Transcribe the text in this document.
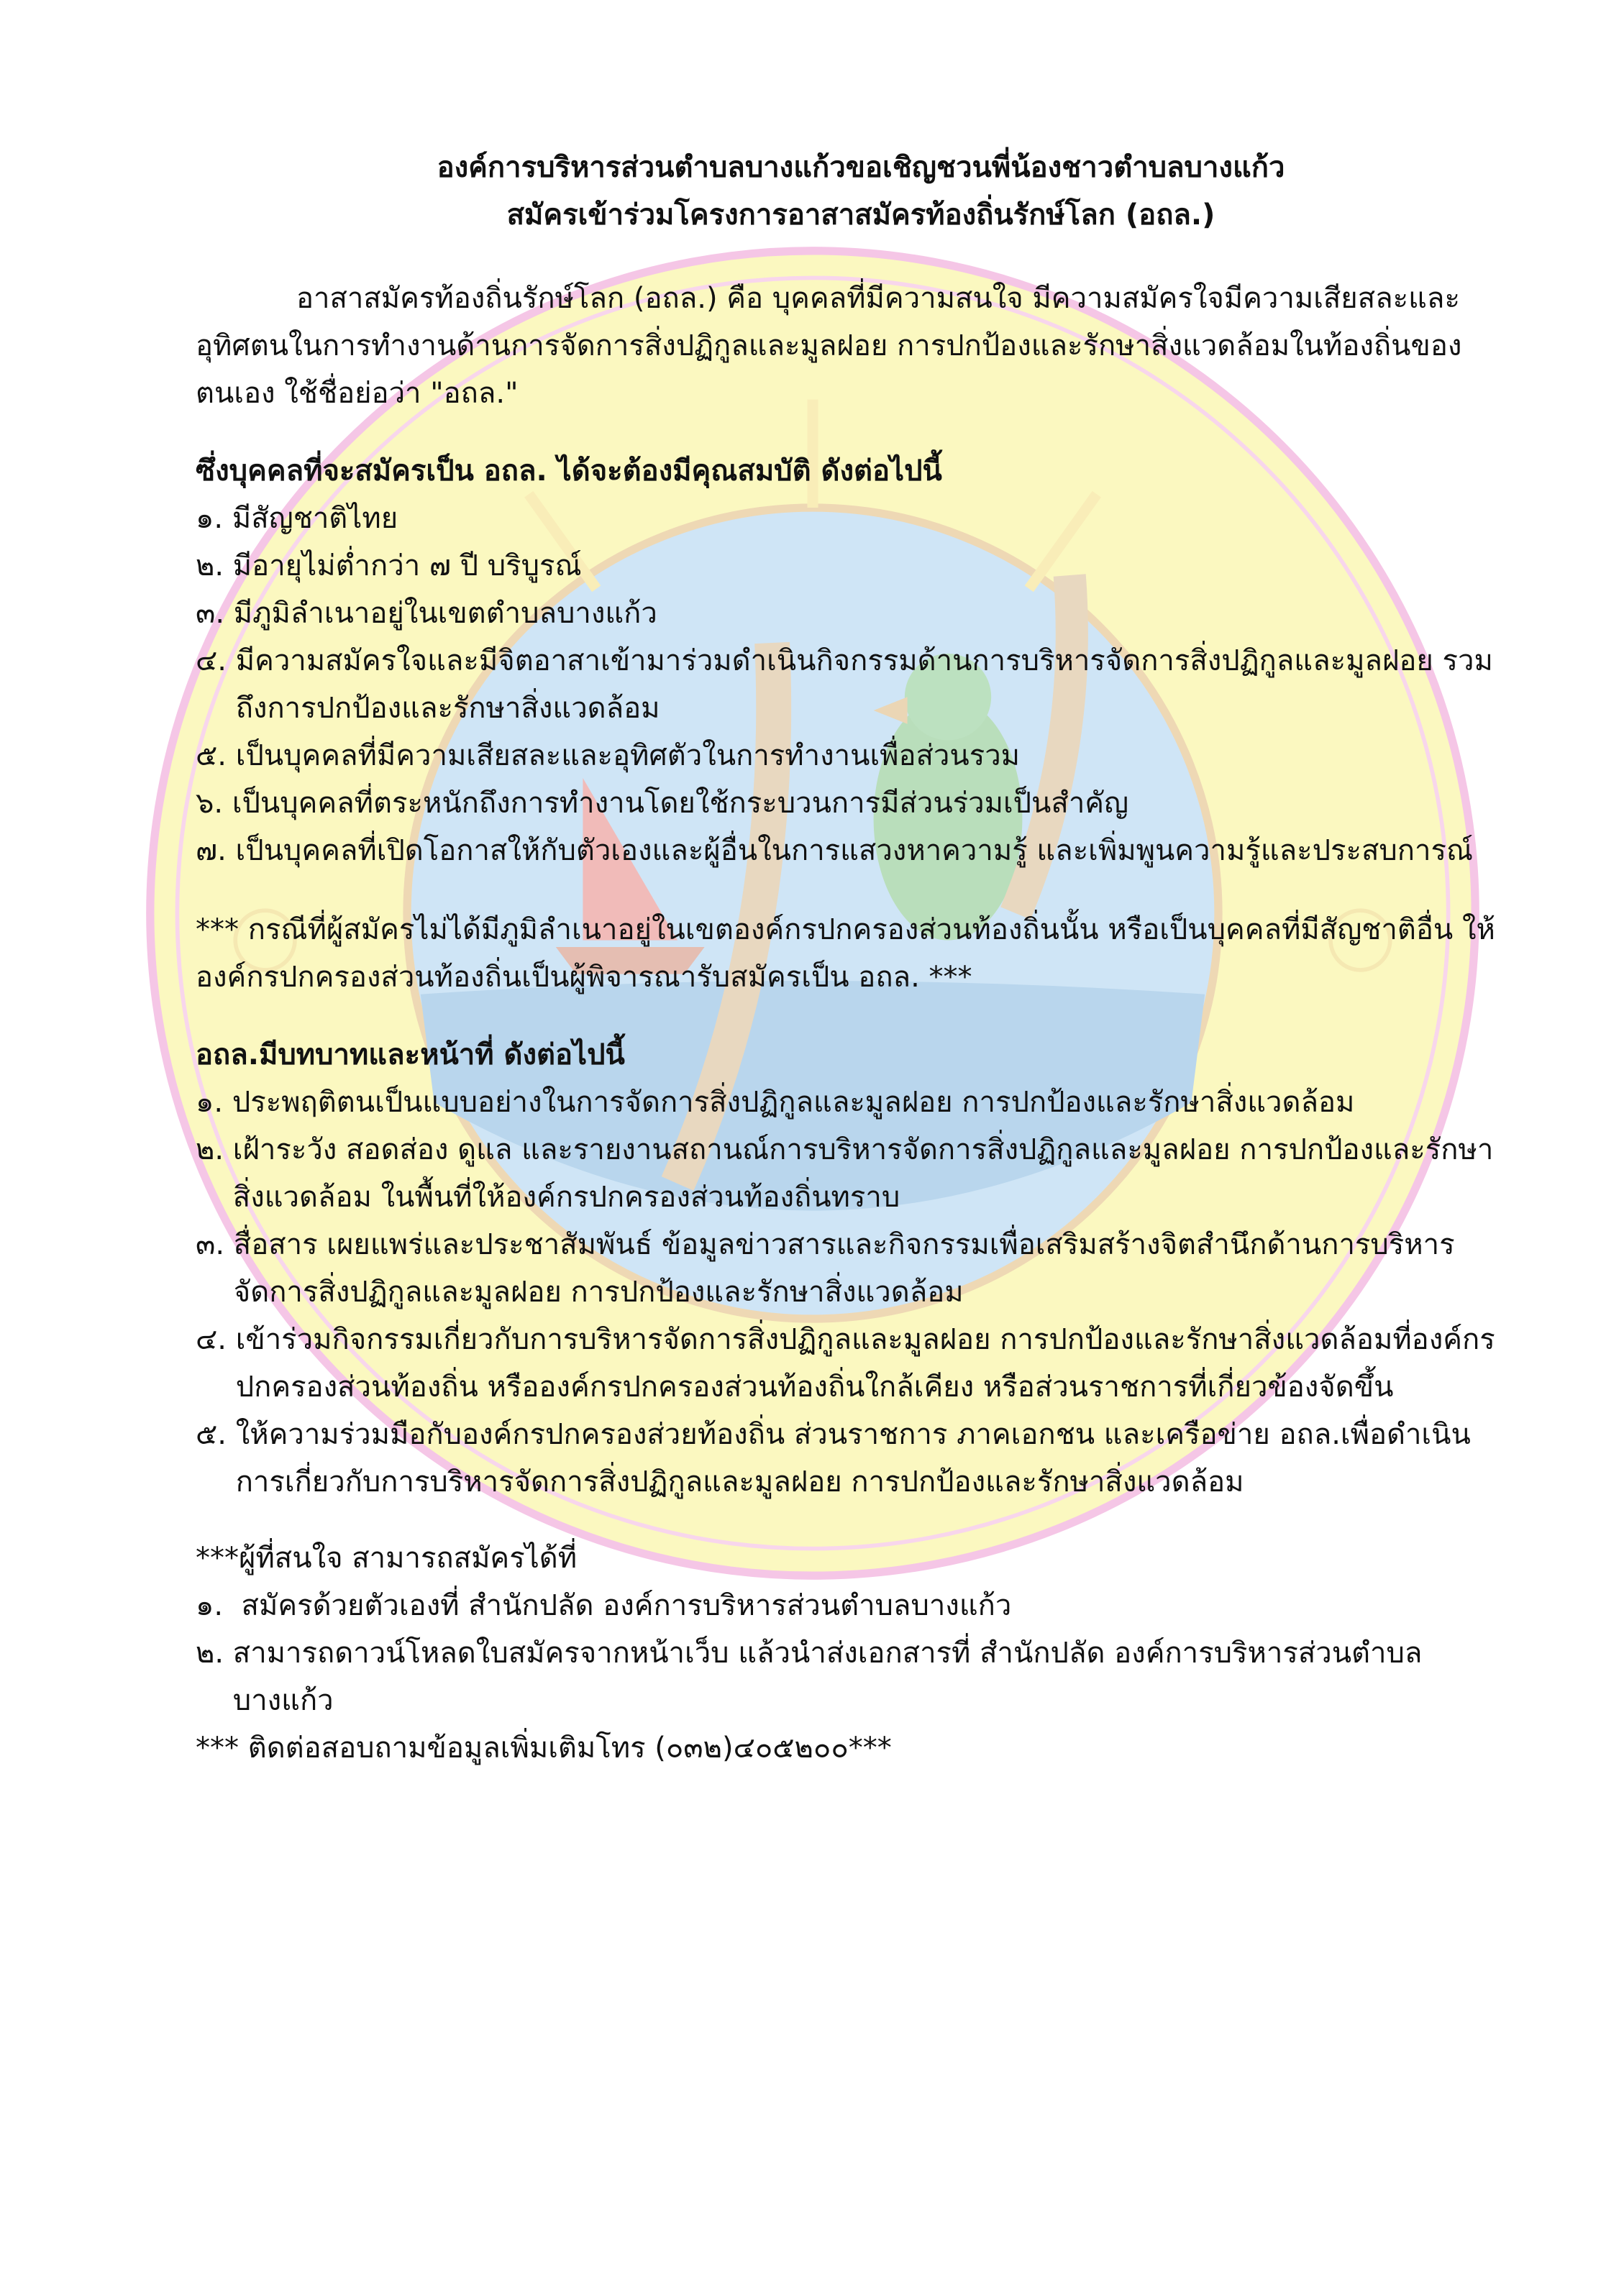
องค์การบริหารส่วนตำบลบางแก้วขอเชิญชวนพี่น้องชาวตำบลบางแก้ว

สมัครเข้าร่วมโครงการอาสาสมัครท้องถิ่นรักษ์โลก (อถล.)

อาสาสมัครท้องถิ่นรักษ์โลก (อถล.) คือ บุคคลที่มีความสนใจ มีความสมัครใจมีความเสียสละและอุทิศตนในการทำงานด้านการจัดการสิ่งปฏิกูลและมูลฝอย การปกป้องและรักษาสิ่งแวดล้อมในท้องถิ่นของตนเอง ใช้ชื่อย่อว่า "อถล."

ซึ่งบุคคลที่จะสมัครเป็น อถล. ได้จะต้องมีคุณสมบัติ ดังต่อไปนี้

๑. มีสัญชาติไทย
๒. มีอายุไม่ต่ำกว่า ๗ ปี บริบูรณ์
๓. มีภูมิลำเนาอยู่ในเขตตำบลบางแก้ว
๔. มีความสมัครใจและมีจิตอาสาเข้ามาร่วมดำเนินกิจกรรมด้านการบริหารจัดการสิ่งปฏิกูลและมูลฝอย รวมถึงการปกป้องและรักษาสิ่งแวดล้อม
๕. เป็นบุคคลที่มีความเสียสละและอุทิศตัวในการทำงานเพื่อส่วนรวม
๖. เป็นบุคคลที่ตระหนักถึงการทำงานโดยใช้กระบวนการมีส่วนร่วมเป็นสำคัญ
๗. เป็นบุคคลที่เปิดโอกาสให้กับตัวเองและผู้อื่นในการแสวงหาความรู้ และเพิ่มพูนความรู้และประสบการณ์

*** กรณีที่ผู้สมัครไม่ได้มีภูมิลำเนาอยู่ในเขตองค์กรปกครองส่วนท้องถิ่นนั้น หรือเป็นบุคคลที่มีสัญชาติอื่น ให้องค์กรปกครองส่วนท้องถิ่นเป็นผู้พิจารณารับสมัครเป็น อถล. ***

อถล.มีบทบาทและหน้าที่ ดังต่อไปนี้

๑. ประพฤติตนเป็นแบบอย่างในการจัดการสิ่งปฏิกูลและมูลฝอย การปกป้องและรักษาสิ่งแวดล้อม
๒. เฝ้าระวัง สอดส่อง ดูแล และรายงานสถานณ์การบริหารจัดการสิ่งปฏิกูลและมูลฝอย การปกป้องและรักษาสิ่งแวดล้อม ในพื้นที่ให้องค์กรปกครองส่วนท้องถิ่นทราบ
๓. สื่อสาร เผยแพร่และประชาสัมพันธ์ ข้อมูลข่าวสารและกิจกรรมเพื่อเสริมสร้างจิตสำนึกด้านการบริหารจัดการสิ่งปฏิกูลและมูลฝอย การปกป้องและรักษาสิ่งแวดล้อม
๔. เข้าร่วมกิจกรรมเกี่ยวกับการบริหารจัดการสิ่งปฏิกูลและมูลฝอย การปกป้องและรักษาสิ่งแวดล้อมที่องค์กรปกครองส่วนท้องถิ่น หรือองค์กรปกครองส่วนท้องถิ่นใกล้เคียง หรือส่วนราชการที่เกี่ยวข้องจัดขึ้น
๕. ให้ความร่วมมือกับองค์กรปกครองส่วยท้องถิ่น ส่วนราชการ ภาคเอกชน และเครือข่าย อถล.เพื่อดำเนินการเกี่ยวกับการบริหารจัดการสิ่งปฏิกูลและมูลฝอย การปกป้องและรักษาสิ่งแวดล้อม

***ผู้ที่สนใจ สามารถสมัครได้ที่

๑. สมัครด้วยตัวเองที่ สำนักปลัด องค์การบริหารส่วนตำบลบางแก้ว
๒. สามารถดาวน์โหลดใบสมัครจากหน้าเว็บ แล้วนำส่งเอกสารที่ สำนักปลัด องค์การบริหารส่วนตำบลบางแก้ว

*** ติดต่อสอบถามข้อมูลเพิ่มเติมโทร (๐๓๒)๔๐๕๒๐๐***
